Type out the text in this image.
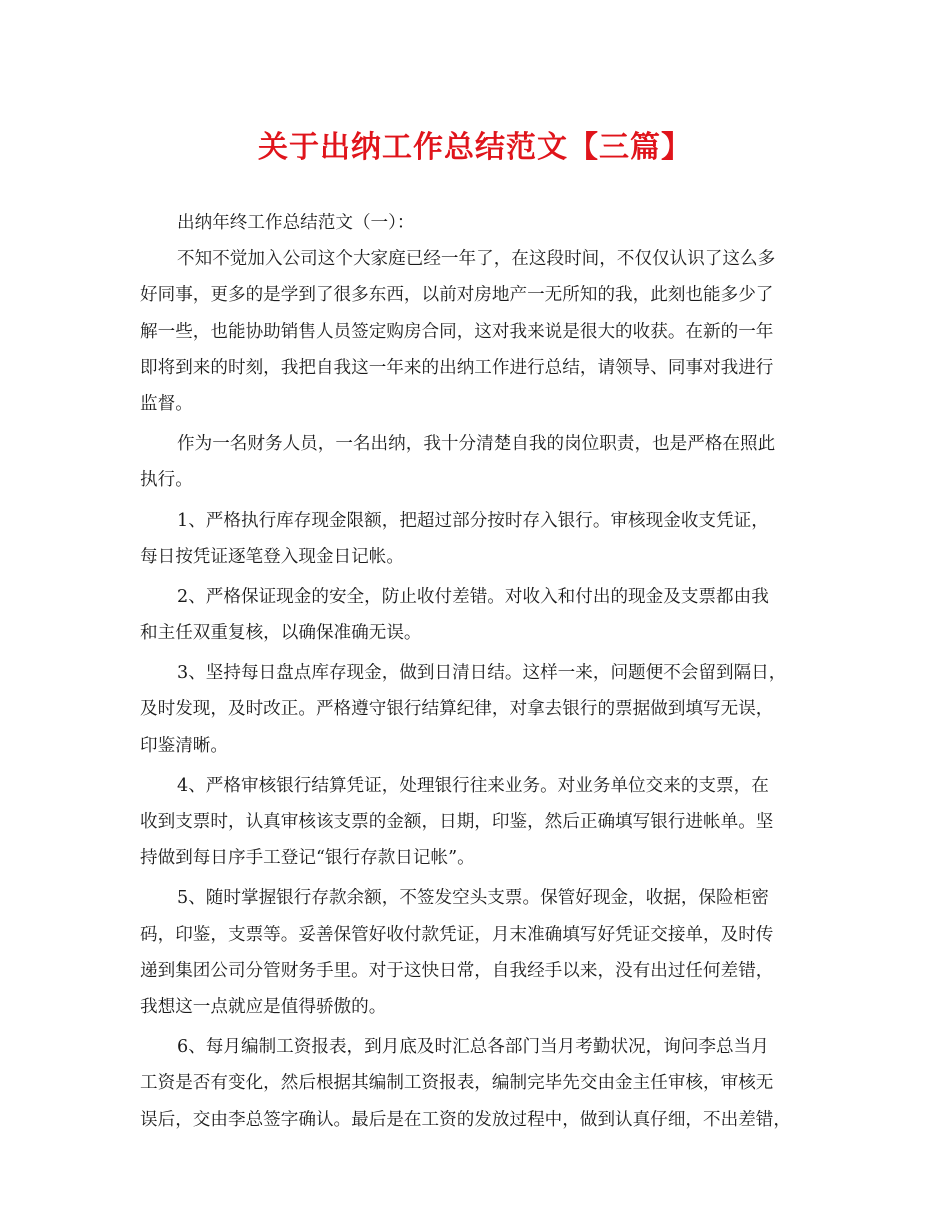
关于出纳工作总结范文【三篇】
出纳年终工作总结范文（一）：
不知不觉加入公司这个大家庭已经一年了，在这段时间，不仅仅认识了这么多
好同事，更多的是学到了很多东西，以前对房地产一无所知的我，此刻也能多少了
解一些，也能协助销售人员签定购房合同，这对我来说是很大的收获。在新的一年
即将到来的时刻，我把自我这一年来的出纳工作进行总结，请领导、同事对我进行
监督。
作为一名财务人员，一名出纳，我十分清楚自我的岗位职责，也是严格在照此
执行。
1、严格执行库存现金限额，把超过部分按时存入银行。审核现金收支凭证，
每日按凭证逐笔登入现金日记帐。
2、严格保证现金的安全，防止收付差错。对收入和付出的现金及支票都由我
和主任双重复核，以确保准确无误。
3、坚持每日盘点库存现金，做到日清日结。这样一来，问题便不会留到隔日，
及时发现，及时改正。严格遵守银行结算纪律，对拿去银行的票据做到填写无误，
印鉴清晰。
4、严格审核银行结算凭证，处理银行往来业务。对业务单位交来的支票，在
收到支票时，认真审核该支票的金额，日期，印鉴，然后正确填写银行进帐单。坚
持做到每日序手工登记“银行存款日记帐”。
5、随时掌握银行存款余额，不签发空头支票。保管好现金，收据，保险柜密
码，印鉴，支票等。妥善保管好收付款凭证，月末准确填写好凭证交接单，及时传
递到集团公司分管财务手里。对于这快日常，自我经手以来，没有出过任何差错，
我想这一点就应是值得骄傲的。
6、每月编制工资报表，到月底及时汇总各部门当月考勤状况，询问李总当月
工资是否有变化，然后根据其编制工资报表，编制完毕先交由金主任审核，审核无
误后，交由李总签字确认。最后是在工资的发放过程中，做到认真仔细，不出差错，
